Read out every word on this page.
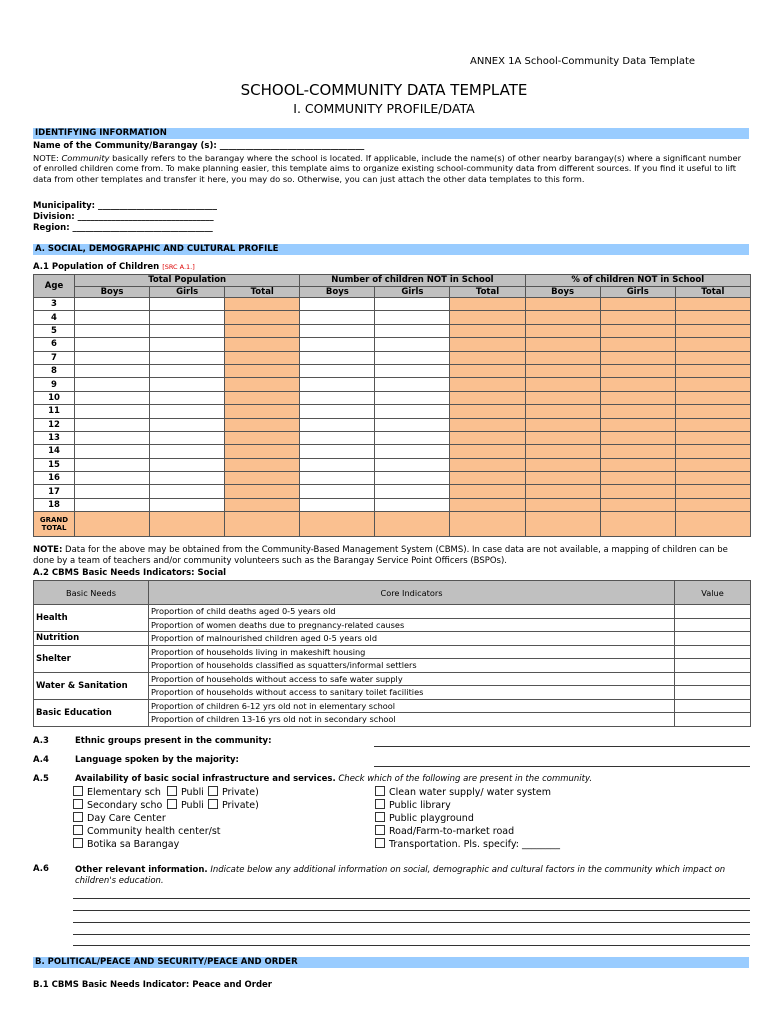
ANNEX 1A School-Community Data Template
SCHOOL-COMMUNITY DATA TEMPLATE
I. COMMUNITY PROFILE/DATA
IDENTIFYING INFORMATION
Name of the Community/Barangay (s): __________________________________
NOTE: Community basically refers to the barangay where the school is located. If applicable, include the name(s) of other nearby barangay(s) where a significant number of enrolled children come from. To make planning easier, this template aims to organize existing school-community data from different sources. If you find it useful to lift data from other templates and transfer it here, you may do so. Otherwise, you can just attach the other data templates to this form.
Municipality: ____________________________
Division: ________________________________
Region: _________________________________
A. SOCIAL, DEMOGRAPHIC AND CULTURAL PROFILE
A.1 Population of Children [SRC A.1.]
Age	Total Population			Number of children NOT in School			% of children NOT in School		
	Boys	Girls	Total	Boys	Girls	Total	Boys	Girls	Total
3									
4									
5									
6									
7									
8									
9									
10									
11									
12									
13									
14									
15									
16									
17									
18									
GRAND TOTAL									
NOTE: Data for the above may be obtained from the Community-Based Management System (CBMS). In case data are not available, a mapping of children can be done by a team of teachers and/or community volunteers such as the Barangay Service Point Officers (BSPOs).
A.2 CBMS Basic Needs Indicators: Social
Basic Needs	Core Indicators	Value
Health	Proportion of child deaths aged 0-5 years old	
	Proportion of women deaths due to pregnancy-related causes	
Nutrition	Proportion of malnourished children aged 0-5 years old	
Shelter	Proportion of households living in makeshift housing	
	Proportion of households classified as squatters/informal settlers	
Water & Sanitation	Proportion of households without access to safe water supply	
	Proportion of households without access to sanitary toilet facilities	
Basic Education	Proportion of children 6-12 yrs old not in elementary school	
	Proportion of children 13-16 yrs old not in secondary school	
A.3	Ethnic groups present in the community:
A.4	Language spoken by the majority:
A.5	Availability of basic social infrastructure and services. Check which of the following are present in the community.
Elementary sch
Secondary scho
Day Care Center
Community health center/st
Botika sa Barangay
Publi Private)
Publi Private)
Clean water supply/ water system
Public library
Public playground
Road/Farm-to-market road
Transportation. Pls. specify: ________
A.6	Other relevant information. Indicate below any additional information on social, demographic and cultural factors in the community which impact on children's education.
B. POLITICAL/PEACE AND SECURITY/PEACE AND ORDER
B.1 CBMS Basic Needs Indicator: Peace and Order
